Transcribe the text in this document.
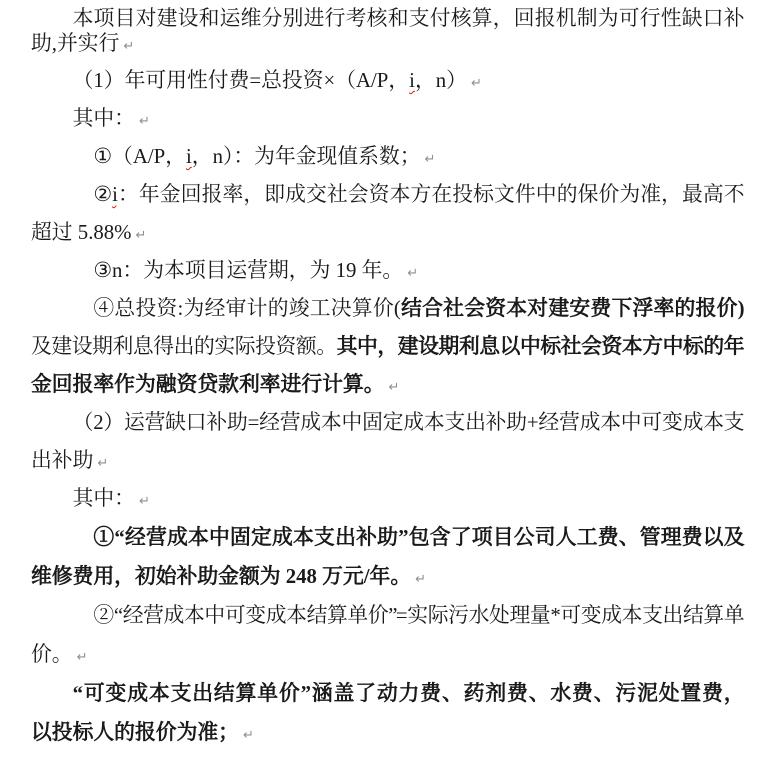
本项目对建设和运维分别进行考核和支付核算，回报机制为可行性缺口补
助,并实行 ↵
（1）年可用性付费=总投资×（A/P，i，n） ↵
其中： ↵
①（A/P，i，n）：为年金现值系数； ↵
②i：年金回报率，即成交社会资本方在投标文件中的保价为准，最高不
超过 5.88% ↵
③n：为本项目运营期，为 19 年。 ↵
④总投资:为经审计的竣工决算价(结合社会资本对建安费下浮率的报价)
及建设期利息得出的实际投资额。其中，建设期利息以中标社会资本方中标的年
金回报率作为融资贷款利率进行计算。 ↵
（2）运营缺口补助=经营成本中固定成本支出补助+经营成本中可变成本支
出补助 ↵
其中： ↵
①“经营成本中固定成本支出补助”包含了项目公司人工费、管理费以及
维修费用，初始补助金额为 248 万元/年。 ↵
②“经营成本中可变成本结算单价”=实际污水处理量*可变成本支出结算单
价。 ↵
“可变成本支出结算单价”涵盖了动力费、药剂费、水费、污泥处置费，
以投标人的报价为准； ↵
